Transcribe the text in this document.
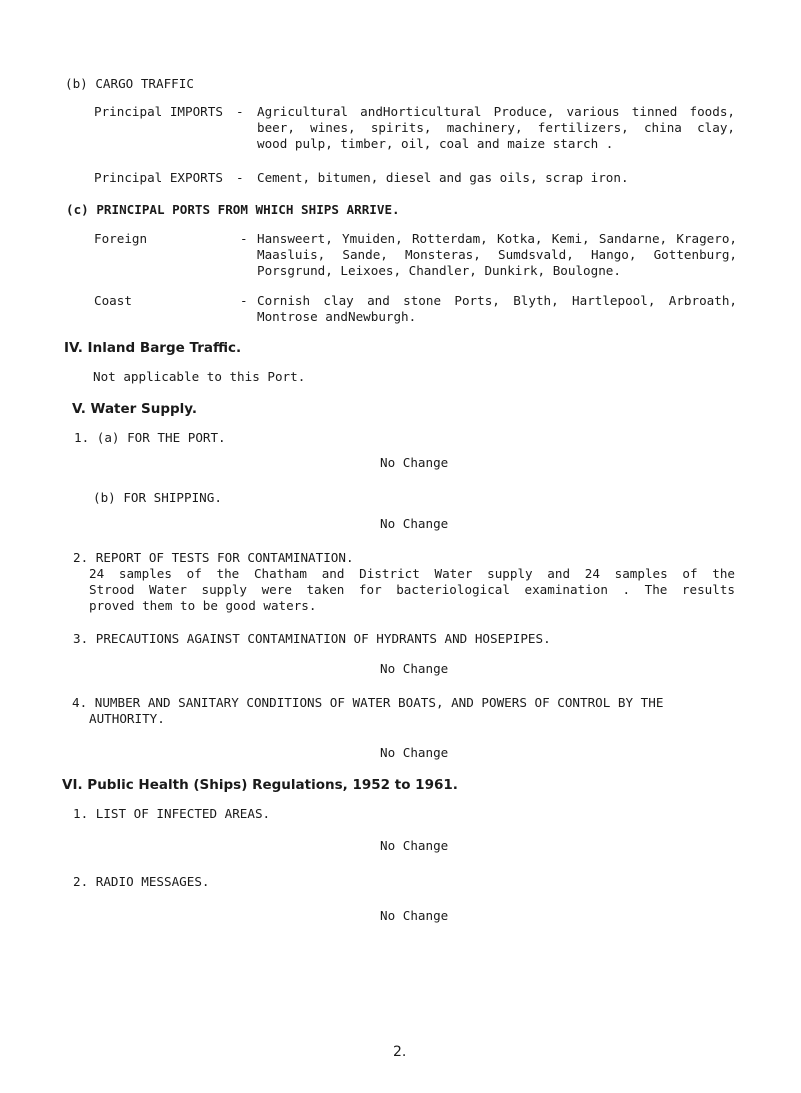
(b) CARGO TRAFFIC
Principal IMPORTS - Agricultural andHorticultural Produce, various tinned foods,
beer, wines, spirits, machinery, fertilizers, china clay,
wood pulp, timber, oil, coal and maize starch .
Principal EXPORTS - Cement, bitumen, diesel and gas oils, scrap iron.
(c) PRINCIPAL PORTS FROM WHICH SHIPS ARRIVE.
Foreign	- Hansweert, Ymuiden, Rotterdam, Kotka, Kemi, Sandarne, Kragero,
Maasluis, Sande, Monsteras, Sumdsvald, Hango, Gottenburg,
Porsgrund, Leixoes, Chandler, Dunkirk, Boulogne.
Coast	- Cornish clay and stone Ports, Blyth, Hartlepool, Arbroath,
Montrose andNewburgh.
IV. Inland Barge Traffic.
Not applicable to this Port.
V. Water Supply.
1. (a) FOR THE PORT.
No Change
(b) FOR SHIPPING.
No Change
2. REPORT OF TESTS FOR CONTAMINATION.
24 samples of the Chatham and District Water supply and 24 samples of the
Strood Water supply were taken for bacteriological examination . The results
proved them to be good waters.
3. PRECAUTIONS AGAINST CONTAMINATION OF HYDRANTS AND HOSEPIPES.
No Change
4. NUMBER AND SANITARY CONDITIONS OF WATER BOATS, AND POWERS OF CONTROL BY THE
AUTHORITY.
No Change
VI. Public Health (Ships) Regulations, 1952 to 1961.
1. LIST OF INFECTED AREAS.
No Change
2. RADIO MESSAGES.
No Change
2.
